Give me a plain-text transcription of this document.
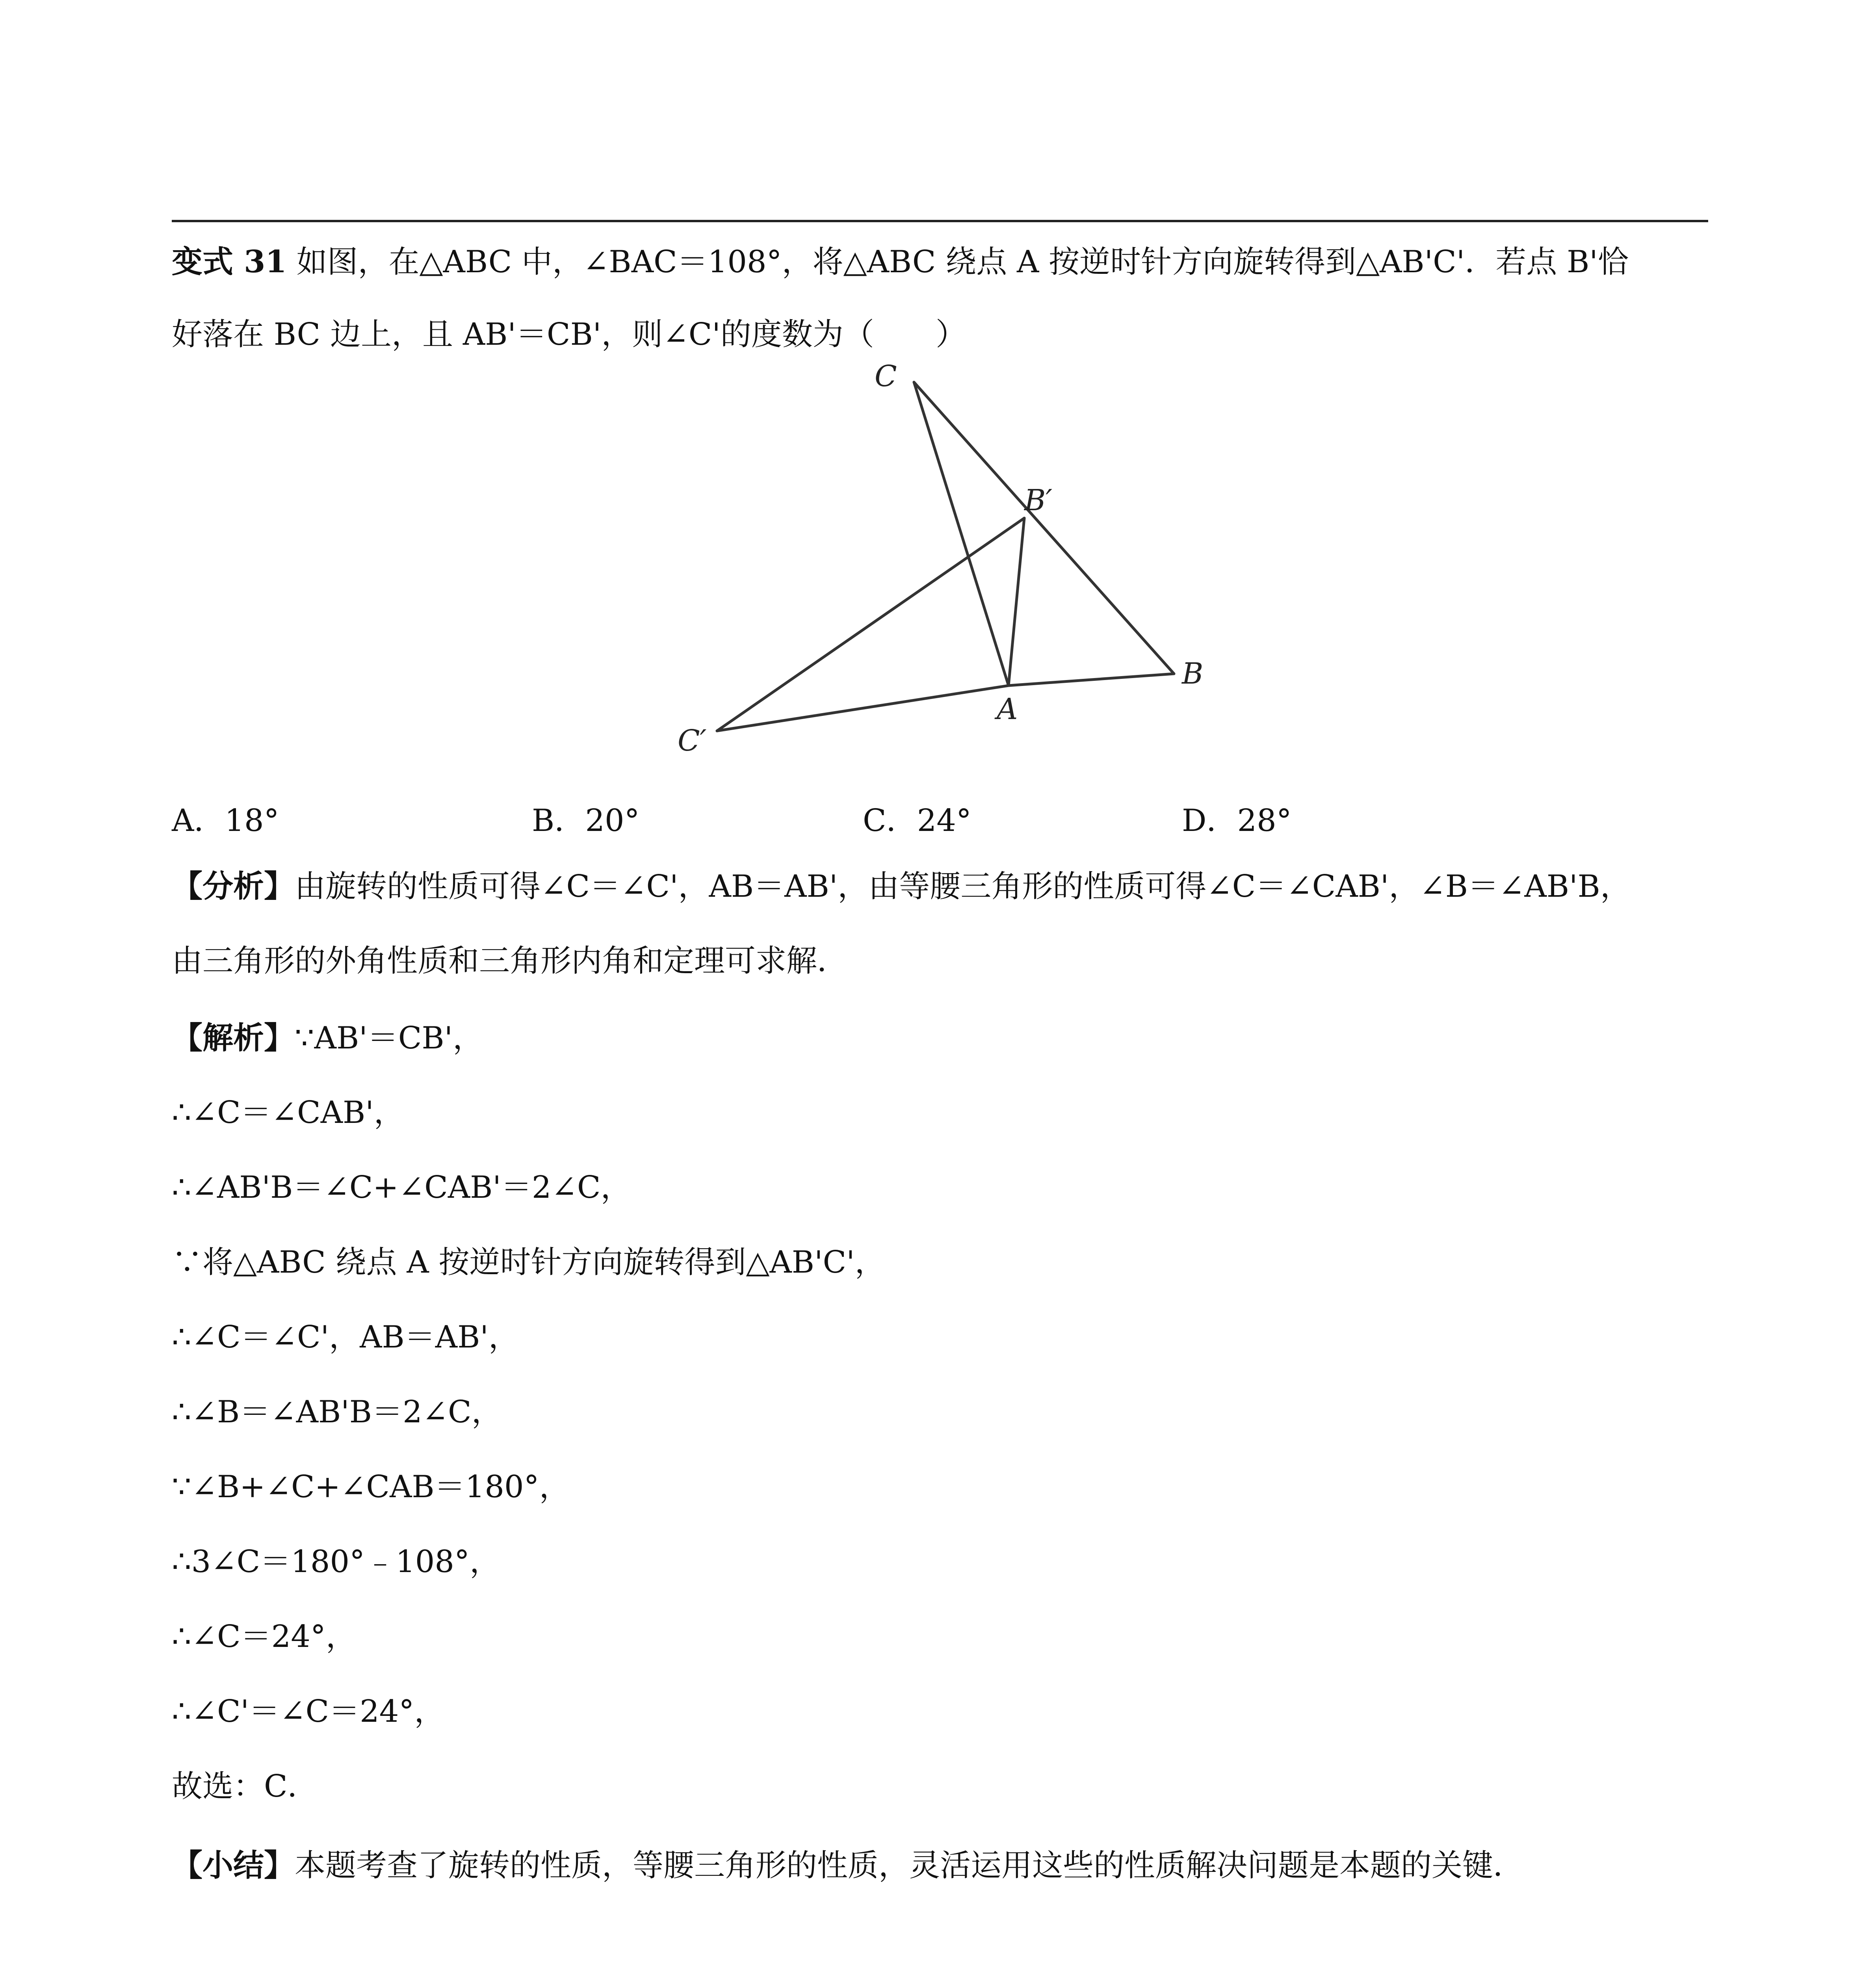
变式 31 如图，在△ABC 中，∠BAC＝108°，将△ABC 绕点 A 按逆时针方向旋转得到△AB'C'．若点 B'恰
好落在 BC 边上，且 AB'＝CB'，则∠C'的度数为（　　）
C
B′
B
A
C′
A．18°	B．20°	C．24°	D．28°
【分析】由旋转的性质可得∠C＝∠C'，AB＝AB'，由等腰三角形的性质可得∠C＝∠CAB'，∠B＝∠AB'B，
由三角形的外角性质和三角形内角和定理可求解．
【解析】∵AB'＝CB'，
∴∠C＝∠CAB'，
∴∠AB'B＝∠C+∠CAB'＝2∠C，
∵将△ABC 绕点 A 按逆时针方向旋转得到△AB'C'，
∴∠C＝∠C'，AB＝AB'，
∴∠B＝∠AB'B＝2∠C，
∵∠B+∠C+∠CAB＝180°，
∴3∠C＝180°﹣108°，
∴∠C＝24°，
∴∠C'＝∠C＝24°，
故选：C．
【小结】本题考查了旋转的性质，等腰三角形的性质，灵活运用这些的性质解决问题是本题的关键．
